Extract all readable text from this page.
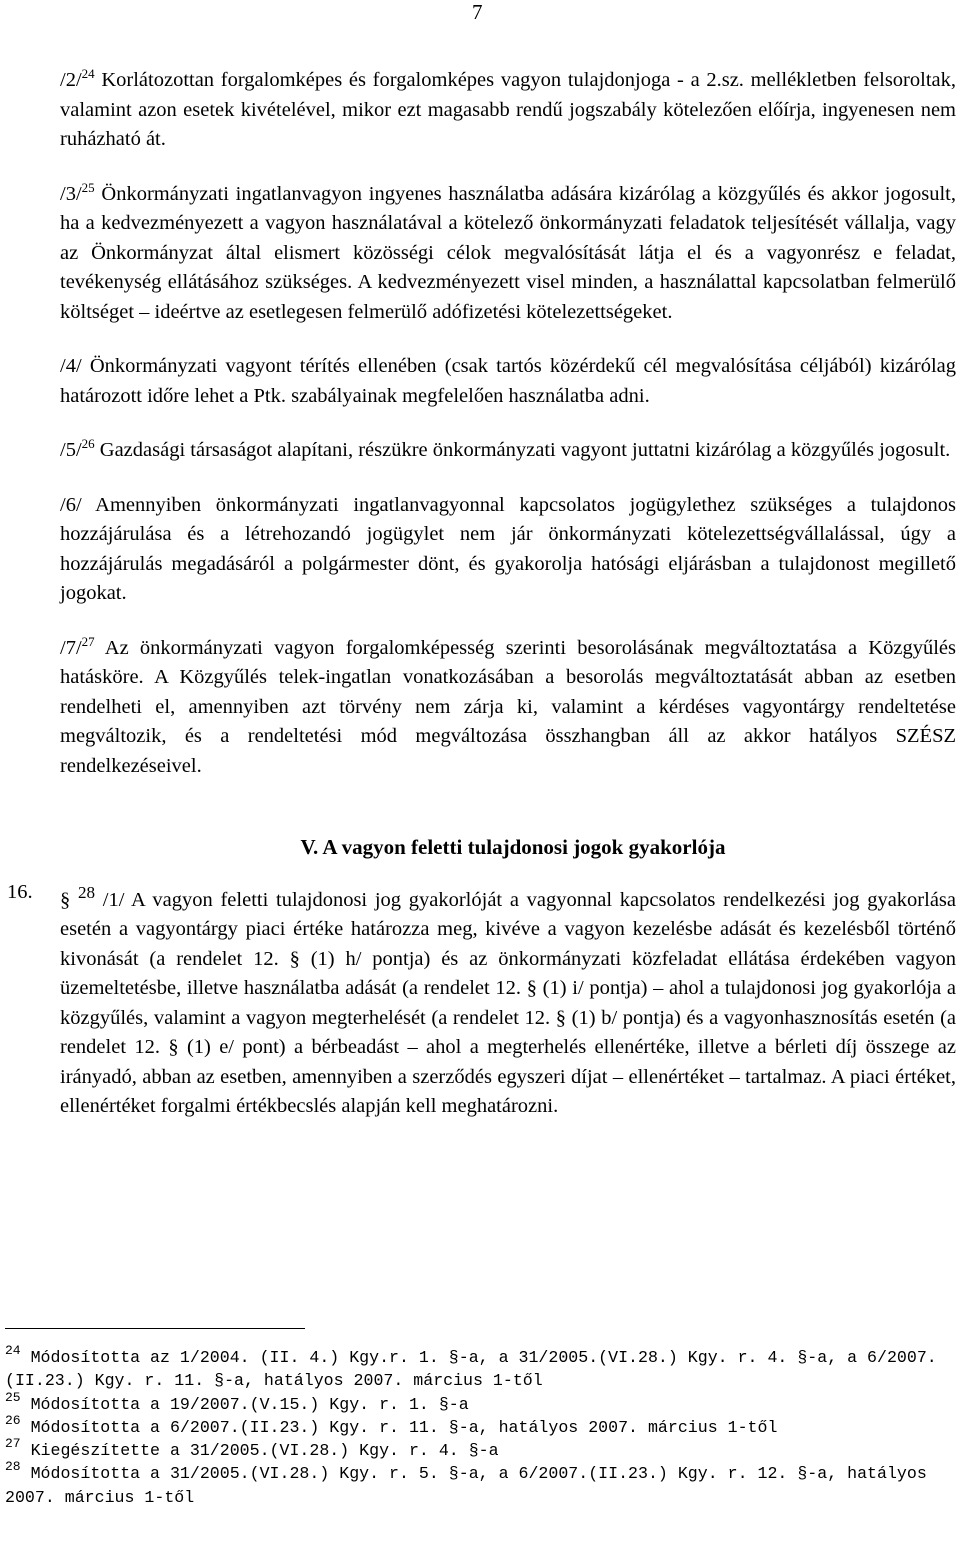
7

/2/$^{24}$ Korlátozottan forgalomképes és forgalomképes vagyon tulajdonjoga - a 2.sz. mellékletben felsoroltak, valamint azon esetek kivételével, mikor ezt magasabb rendű jogszabály kötelezően előírja, ingyenesen nem ruházható át.

/3/$^{25}$ Önkormányzati ingatlanvagyon ingyenes használatba adására kizárólag a közgyűlés és akkor jogosult, ha a kedvezményezett a vagyon használatával a kötelező önkormányzati feladatok teljesítését vállalja, vagy az Önkormányzat által elismert közösségi célok megvalósítását látja el és a vagyonrész e feladat, tevékenység ellátásához szükséges. A kedvezményezett visel minden, a használattal kapcsolatban felmerülő költséget – ideértve az esetlegesen felmerülő adófizetési kötelezettségeket.

/4/ Önkormányzati vagyont térítés ellenében (csak tartós közérdekű cél megvalósítása céljából) kizárólag határozott időre lehet a Ptk. szabályainak megfelelően használatba adni.

/5/$^{26}$ Gazdasági társaságot alapítani, részükre önkormányzati vagyont juttatni kizárólag a közgyűlés jogosult.

/6/ Amennyiben önkormányzati ingatlanvagyonnal kapcsolatos jogügylethez szükséges a tulajdonos hozzájárulása és a létrehozandó jogügylet nem jár önkormányzati kötelezettségvállalással, úgy a hozzájárulás megadásáról a polgármester dönt, és gyakorolja hatósági eljárásban a tulajdonost megillető jogokat.

/7/$^{27}$ Az önkormányzati vagyon forgalomképesség szerinti besorolásának megváltoztatása a Közgyűlés hatásköre. A Közgyűlés telek-ingatlan vonatkozásában a besorolás megváltoztatását abban az esetben rendelheti el, amennyiben azt törvény nem zárja ki, valamint a kérdéses vagyontárgy rendeltetése megváltozik, és a rendeltetési mód megváltozása összhangban áll az akkor hatályos SZÉSZ rendelkezéseivel.

V. A vagyon feletti tulajdonosi jogok gyakorlója

16. § $^{28}$ /1/ A vagyon feletti tulajdonosi jog gyakorlóját a vagyonnal kapcsolatos rendelkezési jog gyakorlása esetén a vagyontárgy piaci értéke határozza meg, kivéve a vagyon kezelésbe adását és kezelésből történő kivonását (a rendelet 12. § (1) h/ pontja) és az önkormányzati közfeladat ellátása érdekében vagyon üzemeltetésbe, illetve használatba adását (a rendelet 12. § (1) i/ pontja) – ahol a tulajdonosi jog gyakorlója a közgyűlés, valamint a vagyon megterhelését (a rendelet 12. § (1) b/ pontja) és a vagyonhasznosítás esetén (a rendelet 12. § (1) e/ pont) a bérbeadást – ahol a megterhelés ellenértéke, illetve a bérleti díj összege az irányadó, abban az esetben, amennyiben a szerződés egyszeri díjat – ellenértéket – tartalmaz. A piaci értéket, ellenértéket forgalmi értékbecslés alapján kell meghatározni.

$^{24}$ Módosította az 1/2004. (II. 4.) Kgy.r. 1. §-a, a 31/2005.(VI.28.) Kgy. r. 4. §-a, a 6/2007.(II.23.) Kgy. r. 11. §-a, hatályos 2007. március 1-től

$^{25}$ Módosította a 19/2007.(V.15.) Kgy. r. 1. §-a

$^{26}$ Módosította a 6/2007.(II.23.) Kgy. r. 11. §-a, hatályos 2007. március 1-től

$^{27}$ Kiegészítette a 31/2005.(VI.28.) Kgy. r. 4. §-a

$^{28}$ Módosította a 31/2005.(VI.28.) Kgy. r. 5. §-a, a 6/2007.(II.23.) Kgy. r. 12. §-a, hatályos 2007. március 1-től
